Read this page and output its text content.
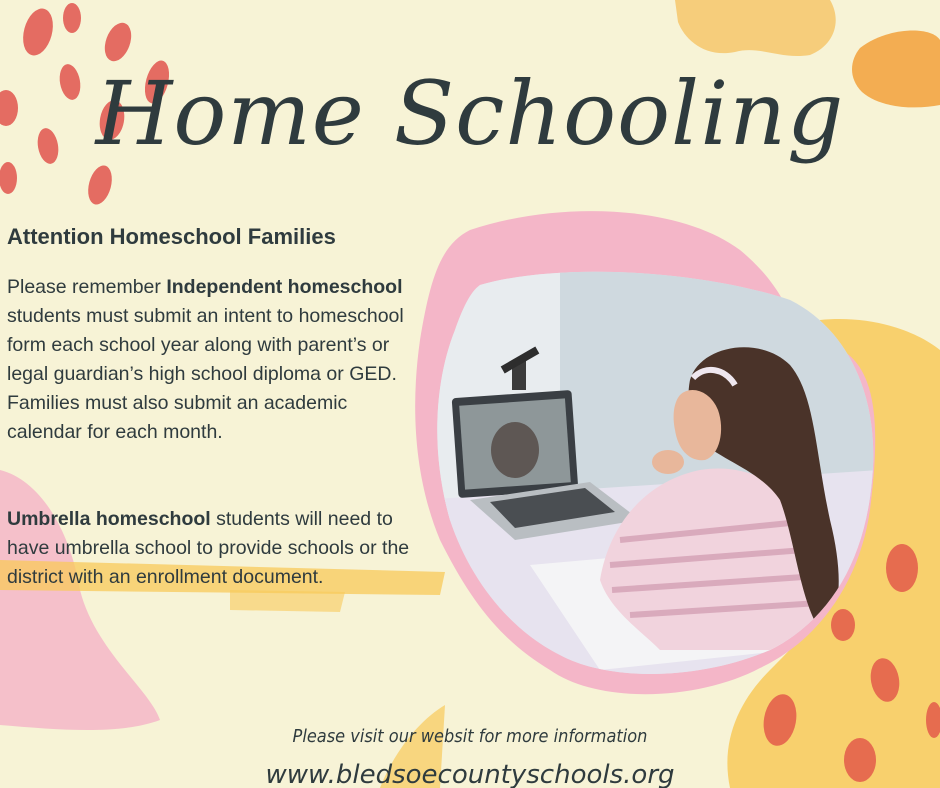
Home Schooling
Attention Homeschool Families

Please remember Independent homeschool students must submit an intent to homeschool form each school year along with parent’s or legal guardian’s high school diploma or GED. Families must also submit an academic calendar for each month.

Umbrella homeschool students will need to have umbrella school to provide schools or the district with an enrollment document.

Please visit our websit for more information
www.bledsoecountyschools.org
